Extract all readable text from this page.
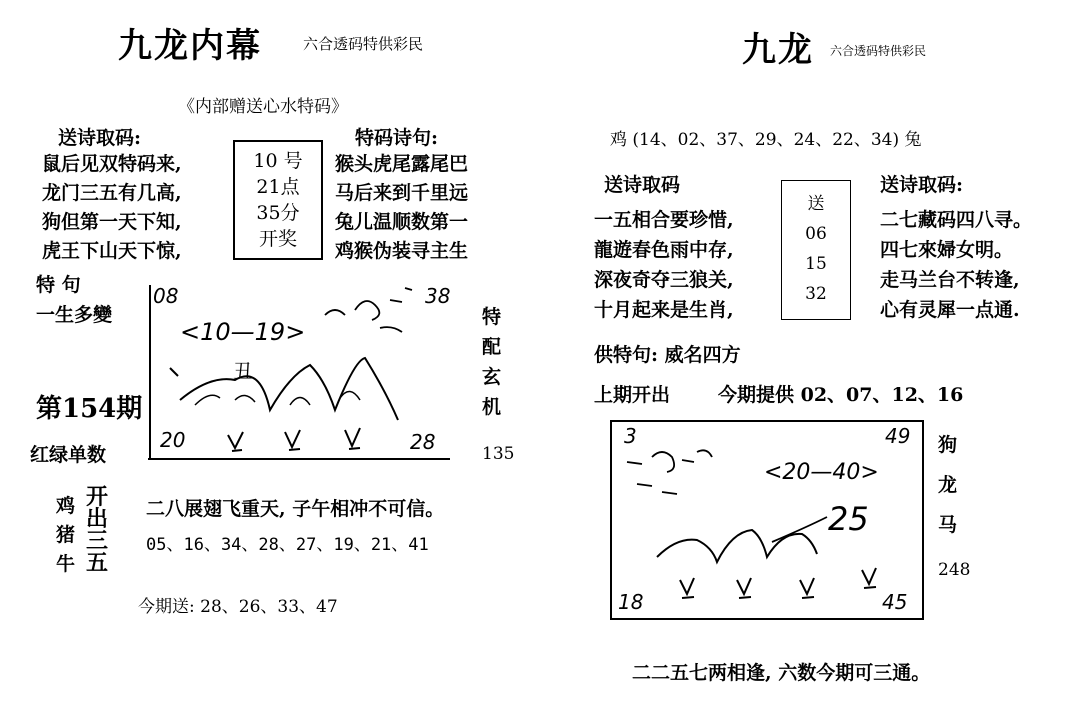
九龙内幕	六合透码特供彩民
《内部赠送心水特码》
送诗取码:	特码诗句:
鼠后见双特码来,
龙门三五有几高,
狗但第一天下知,
虎王下山天下惊,
10 号
21点
35分
开奖
猴头虎尾露尾巴
马后来到千里远
兔儿温顺数第一
鸡猴伪装寻主生
特 句
一生多變
第154期
红绿单数
08
<10—19>
38
丑
20	28
特
配
玄
机
135
鸡
猪
牛
开
出
三
五
二八展翅飞重天, 子午相冲不可信。
05、16、34、28、27、19、21、41
今期送: 28、26、33、47
九龙 六合透码特供彩民
鸡 (14、02、37、29、24、22、34) 兔
送诗取码	送诗取码:
一五相合要珍惜,
龍遊春色雨中存,
深夜奇夺三狼关,
十月起来是生肖,
送
06
15
32
二七藏码四八寻。
四七來婦女明。
走马兰台不转逢,
心有灵犀一点通.
供特句: 威名四方
上期开出	今期提供 02、07、12、16
3	49
<20—40>
25
18	45
狗
龙
马
248
二二五七两相逢, 六数今期可三通。
